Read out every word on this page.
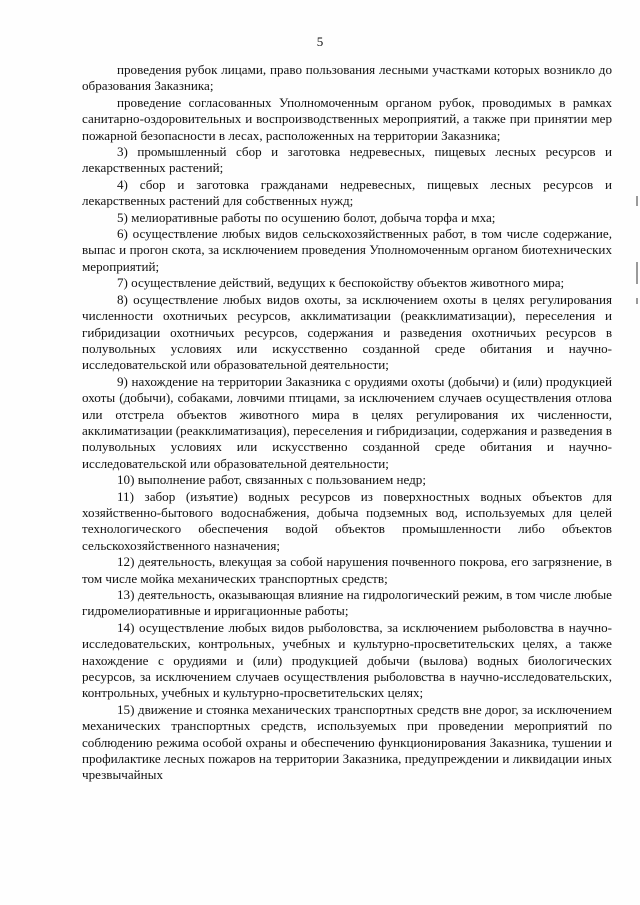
5

проведения рубок лицами, право пользования лесными участками которых возникло до образования Заказника;

проведение согласованных Уполномоченным органом рубок, проводимых в рамках санитарно-оздоровительных и воспроизводственных мероприятий, а также при принятии мер пожарной безопасности в лесах, расположенных на территории Заказника;

3) промышленный сбор и заготовка недревесных, пищевых лесных ресурсов и лекарственных растений;

4) сбор и заготовка гражданами недревесных, пищевых лесных ресурсов и лекарственных растений для собственных нужд;

5) мелиоративные работы по осушению болот, добыча торфа и мха;

6) осуществление любых видов сельскохозяйственных работ, в том числе содержание, выпас и прогон скота, за исключением проведения Уполномоченным органом биотехнических мероприятий;

7) осуществление действий, ведущих к беспокойству объектов животного мира;

8) осуществление любых видов охоты, за исключением охоты в целях регулирования численности охотничьих ресурсов, акклиматизации (реакклиматизации), переселения и гибридизации охотничьих ресурсов, содержания и разведения охотничьих ресурсов в полувольных условиях или искусственно созданной среде обитания и научно-исследовательской или образовательной деятельности;

9) нахождение на территории Заказника с орудиями охоты (добычи) и (или) продукцией охоты (добычи), собаками, ловчими птицами, за исключением случаев осуществления отлова или отстрела объектов животного мира в целях регулирования их численности, акклиматизации (реакклиматизация), переселения и гибридизации, содержания и разведения в полувольных условиях или искусственно созданной среде обитания и научно-исследовательской или образовательной деятельности;

10) выполнение работ, связанных с пользованием недр;

11) забор (изъятие) водных ресурсов из поверхностных водных объектов для хозяйственно-бытового водоснабжения, добыча подземных вод, используемых для целей технологического обеспечения водой объектов промышленности либо объектов сельскохозяйственного назначения;

12) деятельность, влекущая за собой нарушения почвенного покрова, его загрязнение, в том числе мойка механических транспортных средств;

13) деятельность, оказывающая влияние на гидрологический режим, в том числе любые гидромелиоративные и ирригационные работы;

14) осуществление любых видов рыболовства, за исключением рыболовства в научно-исследовательских, контрольных, учебных и культурно-просветительских целях, а также нахождение с орудиями и (или) продукцией добычи (вылова) водных биологических ресурсов, за исключением случаев осуществления рыболовства в научно-исследовательских, контрольных, учебных и культурно-просветительских целях;

15) движение и стоянка механических транспортных средств вне дорог, за исключением механических транспортных средств, используемых при проведении мероприятий по соблюдению режима особой охраны и обеспечению функционирования Заказника, тушении и профилактике лесных пожаров на территории Заказника, предупреждении и ликвидации иных чрезвычайных
